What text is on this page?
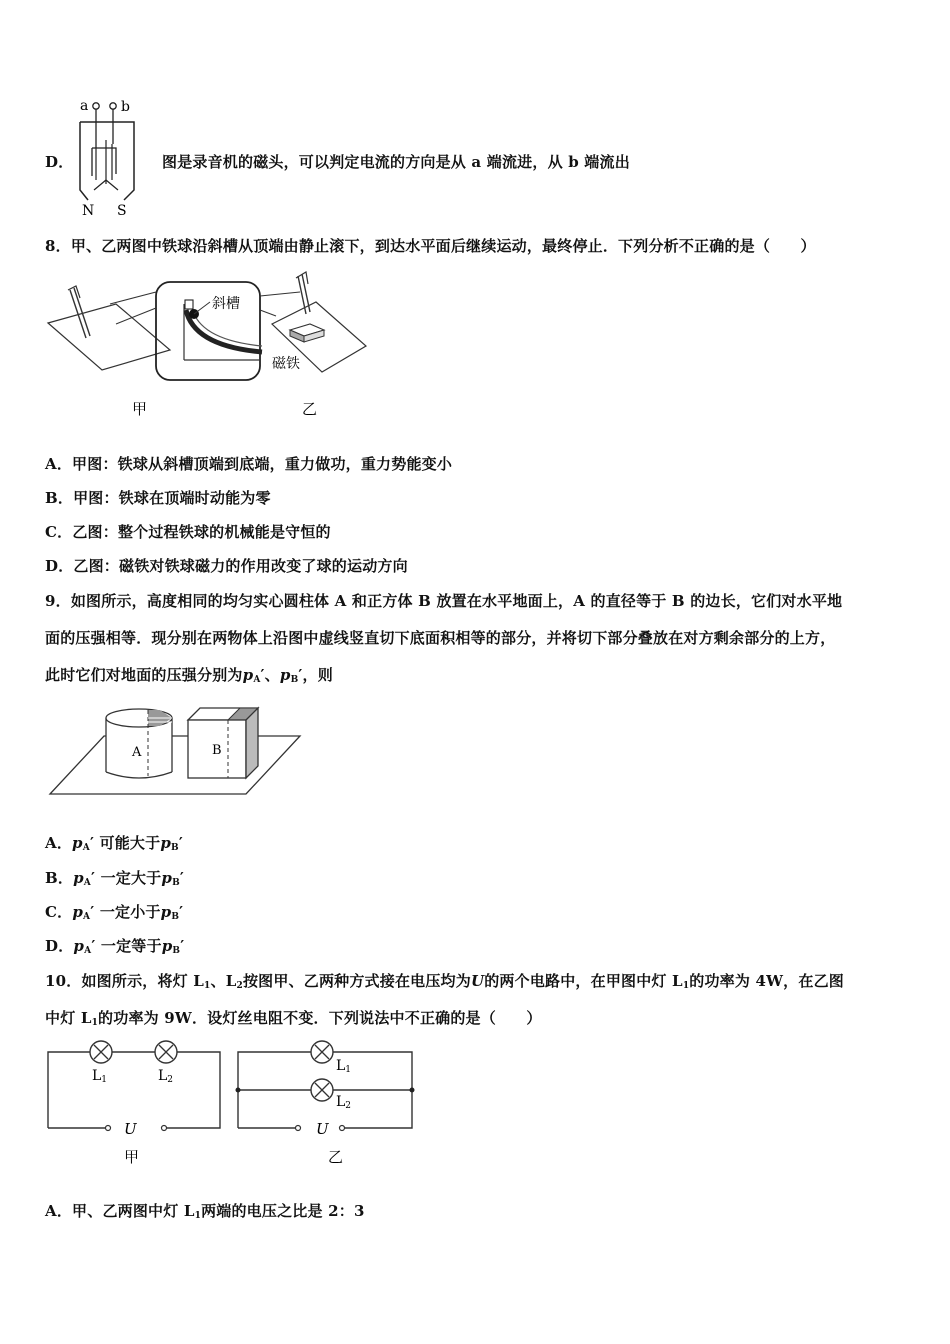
a b
N S
D．	图是录音机的磁头，可以判定电流的方向是从 a 端流进，从 b 端流出
8．甲、乙两图中铁球沿斜槽从顶端由静止滚下，到达水平面后继续运动，最终停止．下列分析不正确的是（　　）
斜槽
磁铁
甲	乙
A．甲图：铁球从斜槽顶端到底端，重力做功，重力势能变小
B．甲图：铁球在顶端时动能为零
C．乙图：整个过程铁球的机械能是守恒的
D．乙图：磁铁对铁球磁力的作用改变了球的运动方向
9．如图所示，高度相同的均匀实心圆柱体 A 和正方体 B 放置在水平地面上，A 的直径等于 B 的边长，它们对水平地
面的压强相等．现分别在两物体上沿图中虚线竖直切下底面积相等的部分，并将切下部分叠放在对方剩余部分的上方，
此时它们对地面的压强分别为$p_A'$、$p_B'$，则
A	B
A．$p_A'$ 可能大于$p_B'$
B．$p_A'$ 一定大于$p_B'$
C．$p_A'$ 一定小于$p_B'$
D．$p_A'$ 一定等于$p_B'$
10．如图所示，将灯 $L_1$、$L_2$按图甲、乙两种方式接在电压均为U的两个电路中，在甲图中灯 $L_1$的功率为 4W，在乙图
中灯 $L_1$的功率为 9W．设灯丝电阻不变．下列说法中不正确的是（　　）
L1	L2
U
甲
L1
L2
U
乙
A．甲、乙两图中灯 $L_1$两端的电压之比是 2：3
